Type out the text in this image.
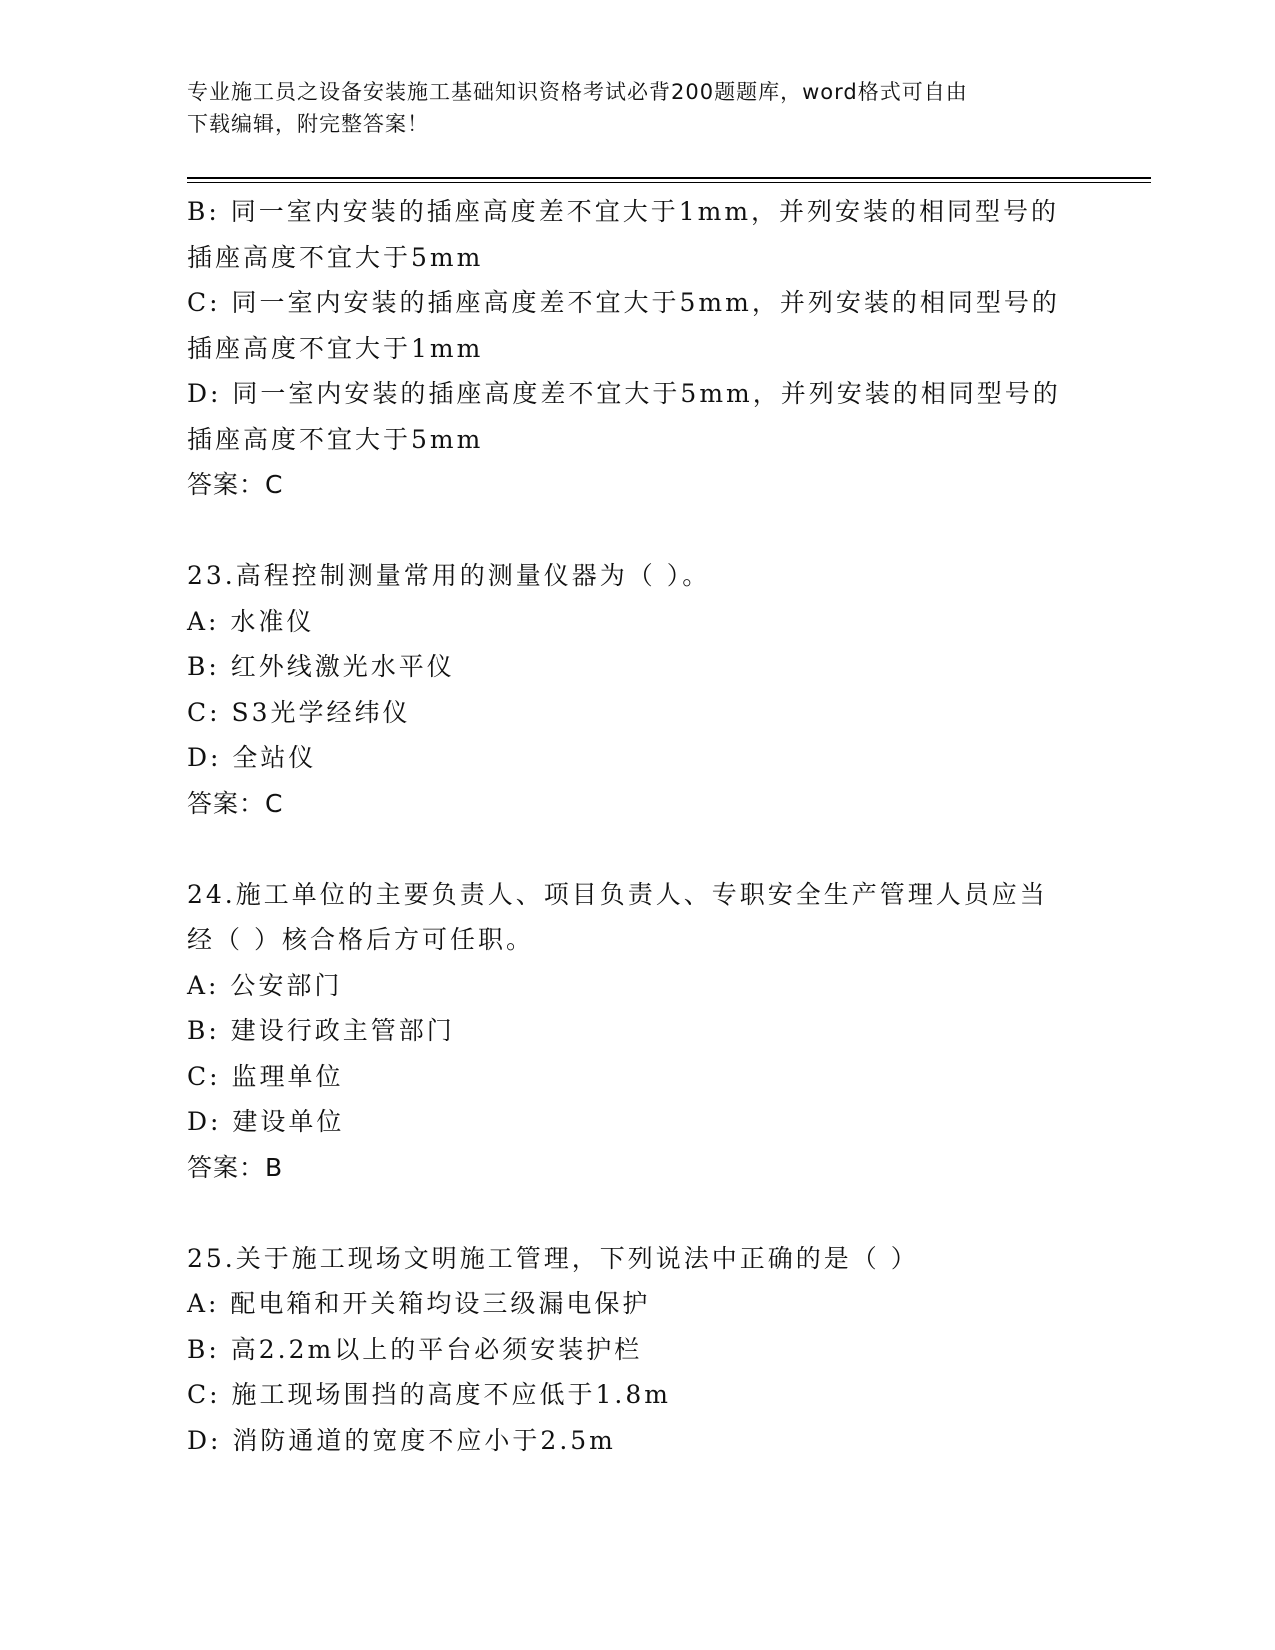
专业施工员之设备安装施工基础知识资格考试必背200题题库，word格式可自由
下载编辑，附完整答案！
B: 同一室内安装的插座高度差不宜大于1mm，并列安装的相同型号的
插座高度不宜大于5mm
C: 同一室内安装的插座高度差不宜大于5mm，并列安装的相同型号的
插座高度不宜大于1mm
D: 同一室内安装的插座高度差不宜大于5mm，并列安装的相同型号的
插座高度不宜大于5mm
答案：C
23.高程控制测量常用的测量仪器为（ ）。
A: 水准仪
B: 红外线激光水平仪
C: S3光学经纬仪
D: 全站仪
答案：C
24.施工单位的主要负责人、项目负责人、专职安全生产管理人员应当
经（ ）核合格后方可任职。
A: 公安部门
B: 建设行政主管部门
C: 监理单位
D: 建设单位
答案：B
25.关于施工现场文明施工管理，下列说法中正确的是（ ）
A: 配电箱和开关箱均设三级漏电保护
B: 高2.2m以上的平台必须安装护栏
C: 施工现场围挡的高度不应低于1.8m
D: 消防通道的宽度不应小于2.5m
